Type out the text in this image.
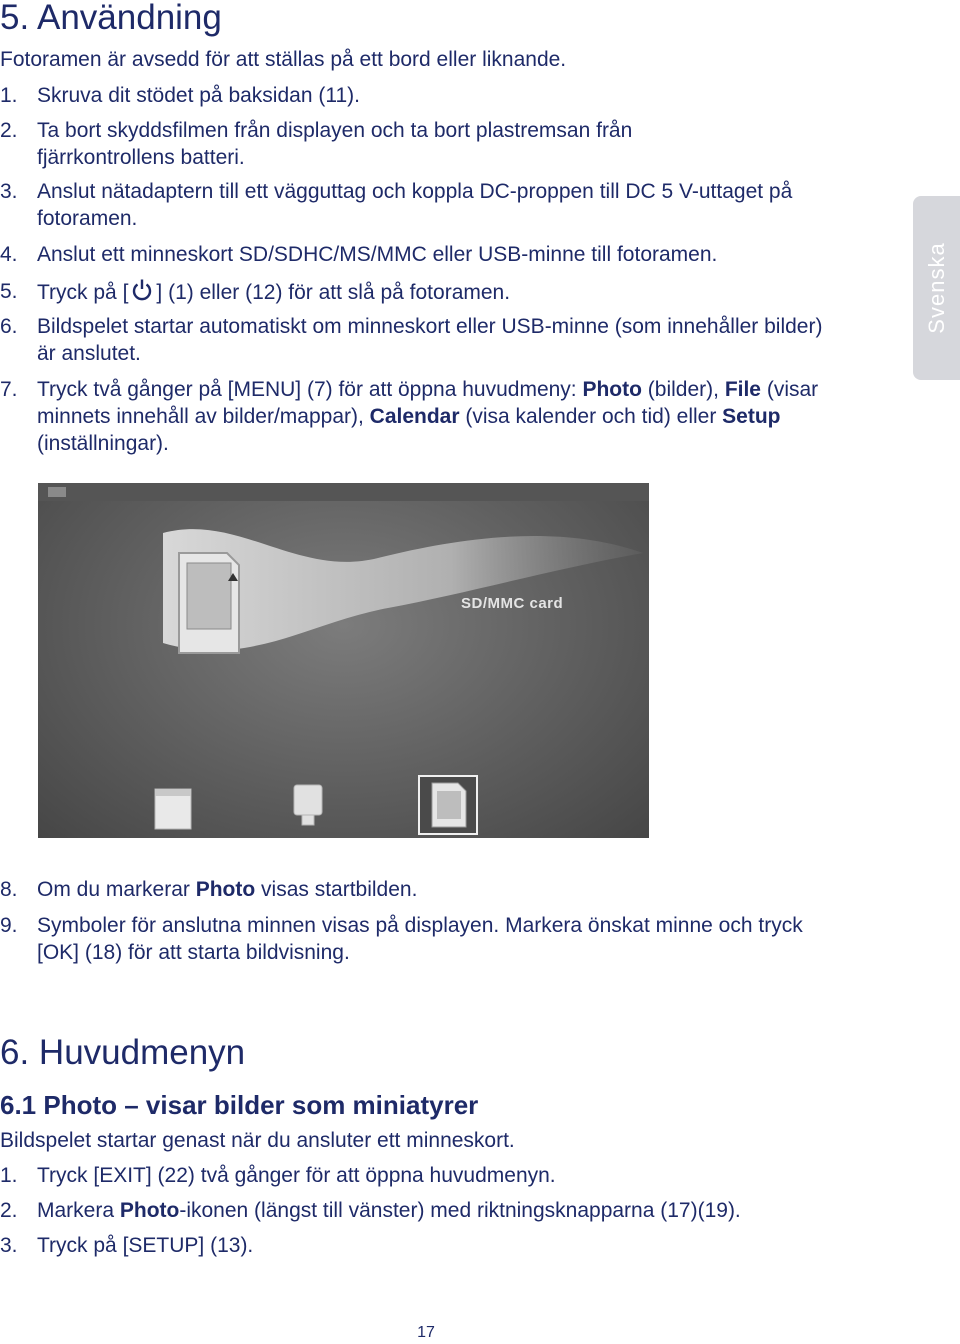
5. Användning

Fotoramen är avsedd för att ställas på ett bord eller liknande.

1. Skruva dit stödet på baksidan (11).
2. Ta bort skyddsfilmen från displayen och ta bort plastremsan från fjärrkontrollens batteri.
3. Anslut nätadaptern till ett vägguttag och koppla DC-proppen till DC 5 V-uttaget på fotoramen.
4. Anslut ett minneskort SD/SDHC/MS/MMC eller USB-minne till fotoramen.
5. Tryck på [ ] (1) eller (12) för att slå på fotoramen.
6. Bildspelet startar automatiskt om minneskort eller USB-minne (som innehåller bilder) är anslutet.
7. Tryck två gånger på [MENU] (7) för att öppna huvudmeny: Photo (bilder), File (visar minnets innehåll av bilder/mappar), Calendar (visa kalender och tid) eller Setup (inställningar).
Svenska
SD/MMC card
8. Om du markerar Photo visas startbilden.
9. Symboler för anslutna minnen visas på displayen. Markera önskat minne och tryck [OK] (18) för att starta bildvisning.
6. Huvudmenyn
6.1 Photo – visar bilder som miniatyrer

Bildspelet startar genast när du ansluter ett minneskort.

1. Tryck [EXIT] (22) två gånger för att öppna huvudmenyn.
2. Markera Photo-ikonen (längst till vänster) med riktningsknapparna (17)(19).
3. Tryck på [SETUP] (13).
17
